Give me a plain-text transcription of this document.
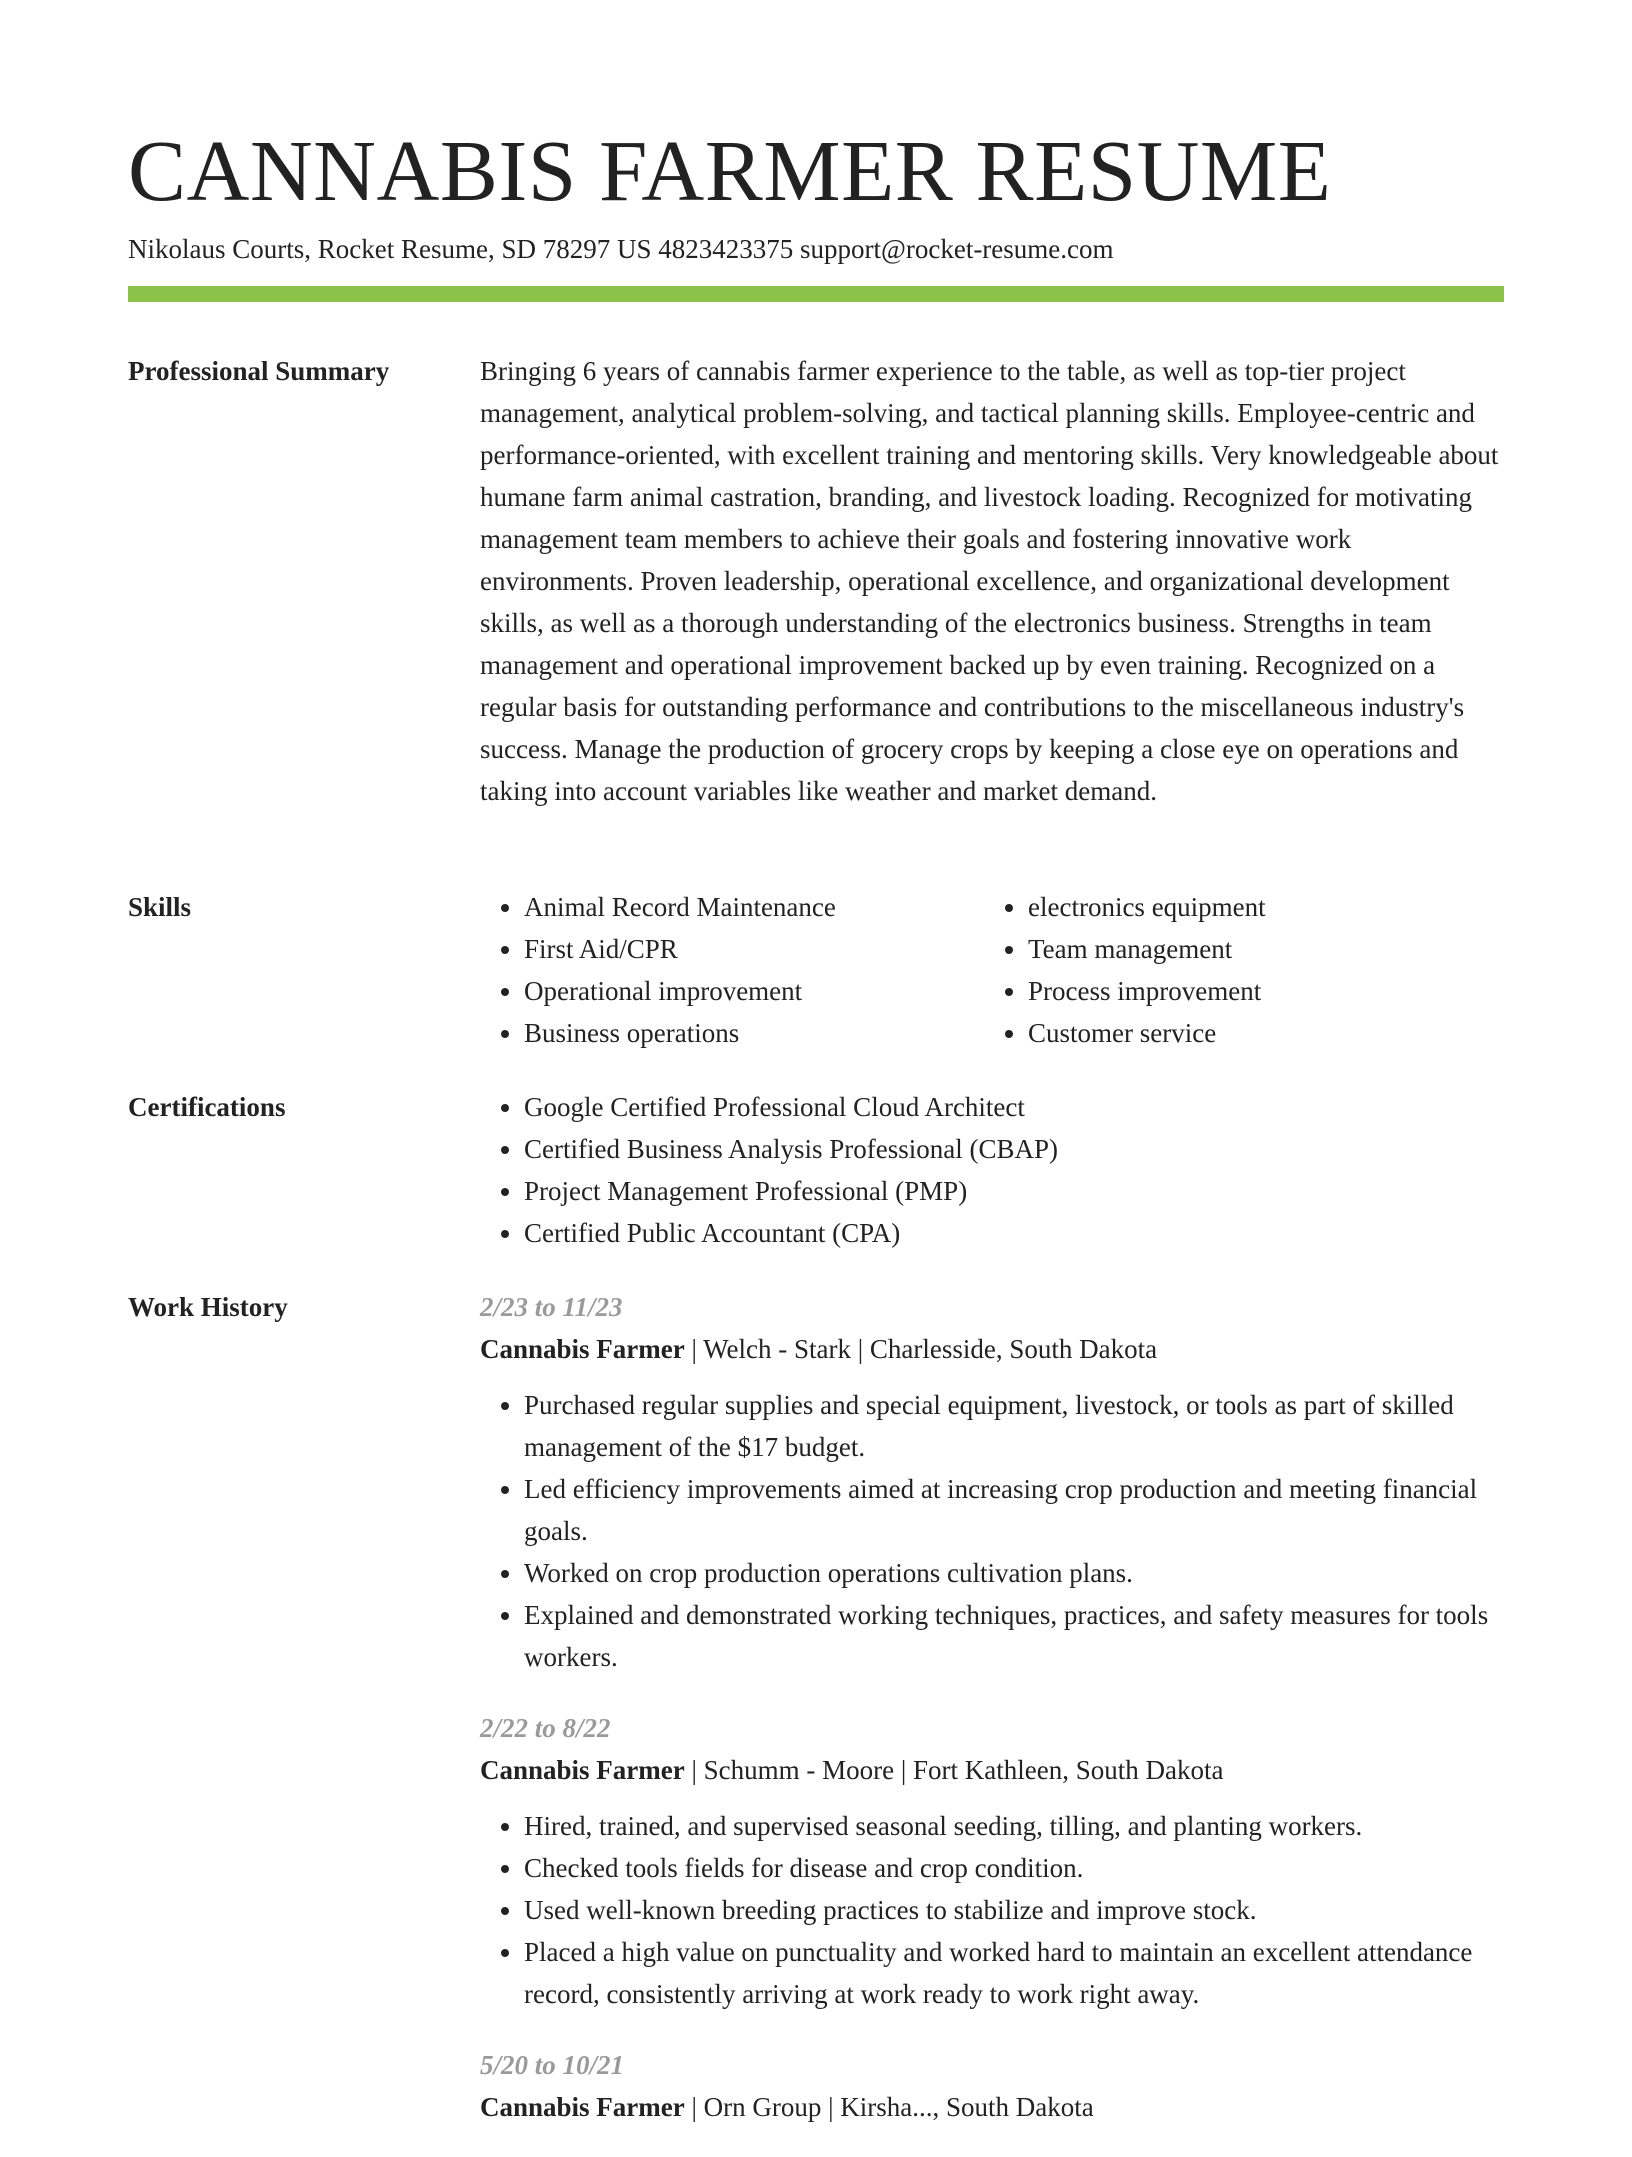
CANNABIS FARMER RESUME
Nikolaus Courts, Rocket Resume, SD 78297 US 4823423375 support@rocket-resume.com
Professional Summary	Bringing 6 years of cannabis farmer experience to the table, as well as top-tier project management, analytical problem-solving, and tactical planning skills. Employee-centric and performance-oriented, with excellent training and mentoring skills. Very knowledgeable about humane farm animal castration, branding, and livestock loading. Recognized for motivating management team members to achieve their goals and fostering innovative work environments. Proven leadership, operational excellence, and organizational development skills, as well as a thorough understanding of the electronics business. Strengths in team management and operational improvement backed up by even training. Recognized on a regular basis for outstanding performance and contributions to the miscellaneous industry's success. Manage the production of grocery crops by keeping a close eye on operations and taking into account variables like weather and market demand.

Skills	• Animal Record Maintenance
• First Aid/CPR
• Operational improvement
• Business operations
• electronics equipment
• Team management
• Process improvement
• Customer service
Certifications	• Google Certified Professional Cloud Architect
• Certified Business Analysis Professional (CBAP)
• Project Management Professional (PMP)
• Certified Public Accountant (CPA)
Work History	2/23 to 11/23
Cannabis Farmer | Welch - Stark | Charlesside, South Dakota
• Purchased regular supplies and special equipment, livestock, or tools as part of skilled management of the $17 budget.
• Led efficiency improvements aimed at increasing crop production and meeting financial goals.
• Worked on crop production operations cultivation plans.
• Explained and demonstrated working techniques, practices, and safety measures for tools workers.
2/22 to 8/22
Cannabis Farmer | Schumm - Moore | Fort Kathleen, South Dakota
• Hired, trained, and supervised seasonal seeding, tilling, and planting workers.
• Checked tools fields for disease and crop condition.
• Used well-known breeding practices to stabilize and improve stock.
• Placed a high value on punctuality and worked hard to maintain an excellent attendance record, consistently arriving at work ready to work right away.
5/20 to 10/21
Cannabis Farmer | Orn Group | Kirsha..., South Dakota
